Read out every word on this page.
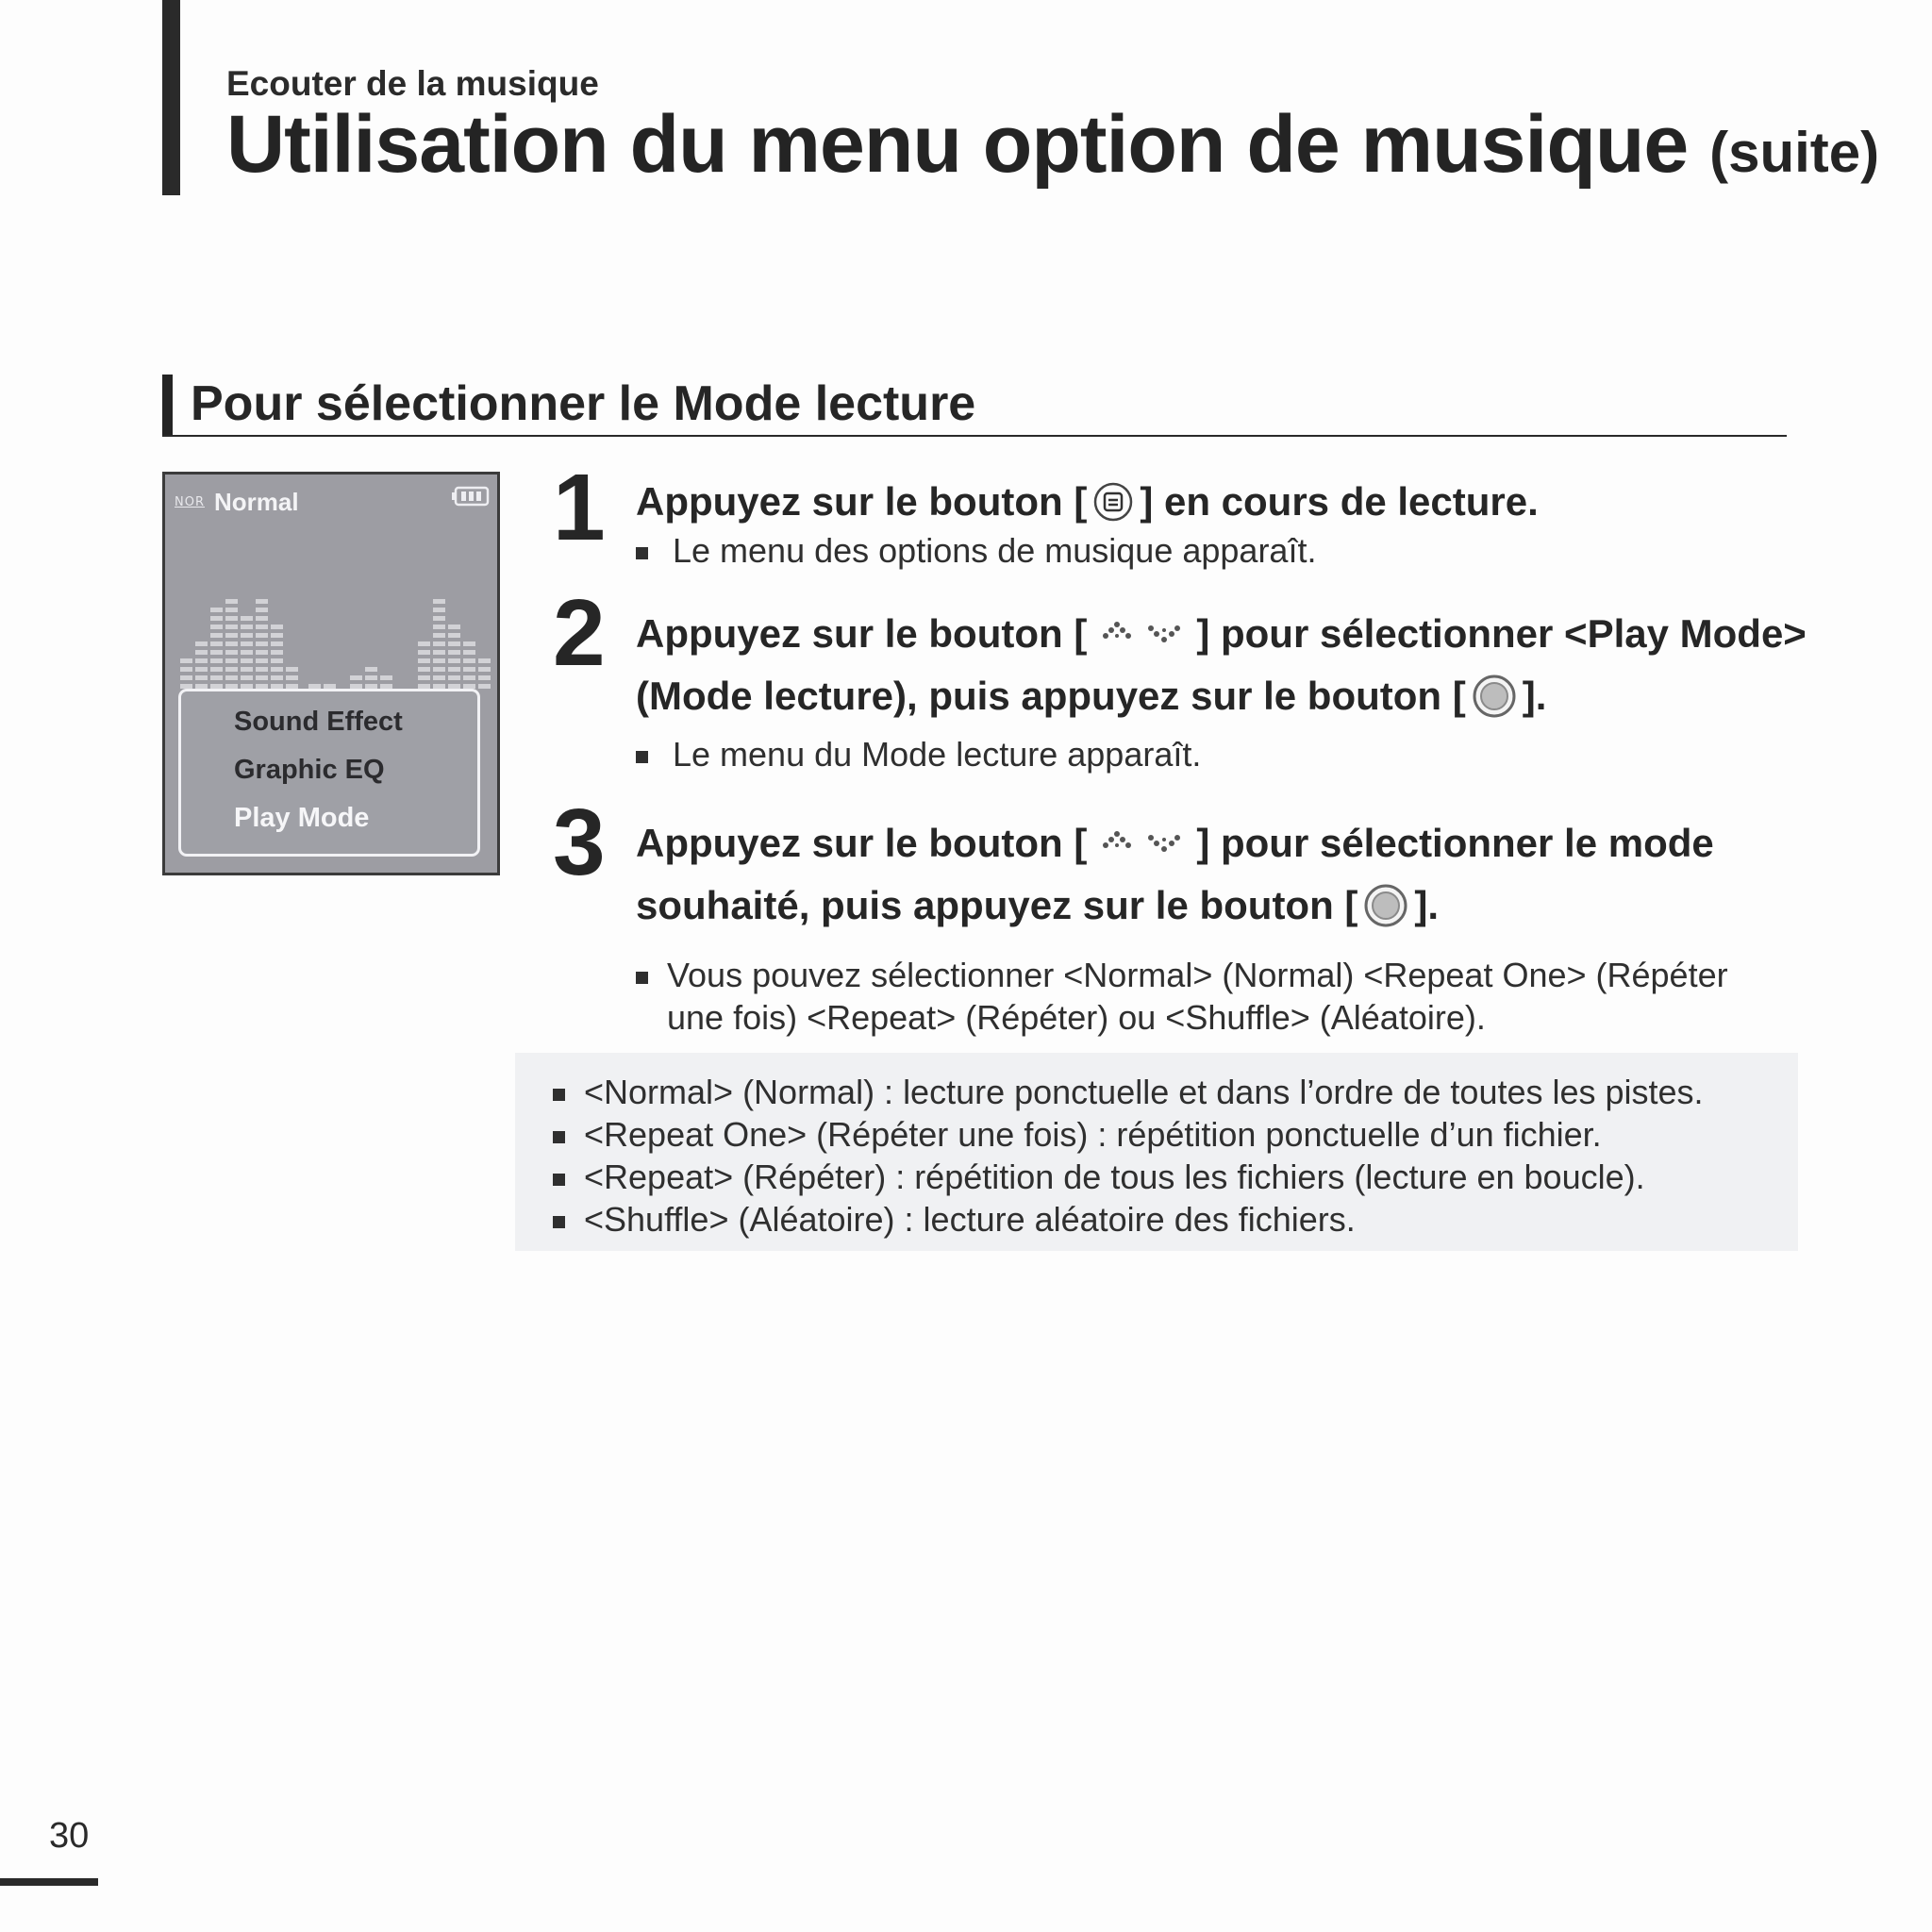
Ecouter de la musique
Utilisation du menu option de musique (suite)
Pour sélectionner le Mode lecture
NOR Normal
Sound Effect
Graphic EQ
Play Mode
1 Appuyez sur le bouton [ ] en cours de lecture.
Le menu des options de musique apparaît.
2 Appuyez sur le bouton [	] pour sélectionner <Play Mode>
(Mode lecture), puis appuyez sur le bouton [ ].
Le menu du Mode lecture apparaît.
3 Appuyez sur le bouton [	] pour sélectionner le mode
souhaité, puis appuyez sur le bouton [ ].
Vous pouvez sélectionner <Normal> (Normal) <Repeat One> (Répéter
une fois) <Repeat> (Répéter) ou <Shuffle> (Aléatoire).
<Normal> (Normal) : lecture ponctuelle et dans l’ordre de toutes les pistes.
<Repeat One> (Répéter une fois) : répétition ponctuelle d’un fichier.
<Repeat> (Répéter) : répétition de tous les fichiers (lecture en boucle).
<Shuffle> (Aléatoire) : lecture aléatoire des fichiers.
30
